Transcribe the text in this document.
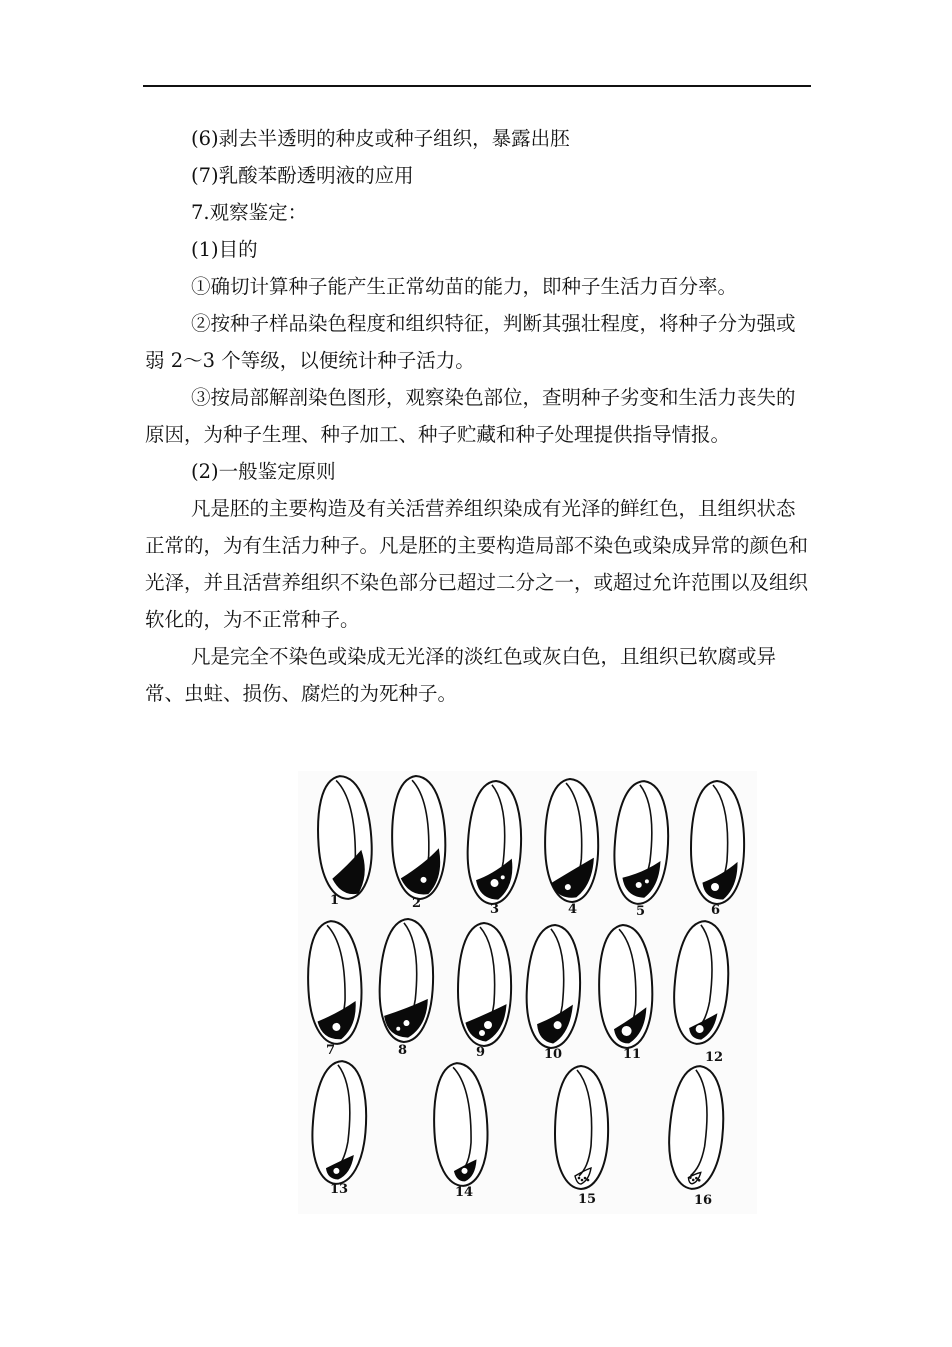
(6)剥去半透明的种皮或种子组织，暴露出胚

(7)乳酸苯酚透明液的应用

7.观察鉴定：

(1)目的

①确切计算种子能产生正常幼苗的能力，即种子生活力百分率。

②按种子样品染色程度和组织特征，判断其强壮程度，将种子分为强或弱 2～3 个等级，以便统计种子活力。

③按局部解剖染色图形，观察染色部位，查明种子劣变和生活力丧失的原因，为种子生理、种子加工、种子贮藏和种子处理提供指导情报。

(2)一般鉴定原则

凡是胚的主要构造及有关活营养组织染成有光泽的鲜红色，且组织状态正常的，为有生活力种子。凡是胚的主要构造局部不染色或染成异常的颜色和光泽，并且活营养组织不染色部分已超过二分之一，或超过允许范围以及组织软化的，为不正常种子。

凡是完全不染色或染成无光泽的淡红色或灰白色，且组织已软腐或异常、虫蛀、损伤、腐烂的为死种子。

1	2	3	4	5	6
7	8	9	10	11	12
13	14	15	16
